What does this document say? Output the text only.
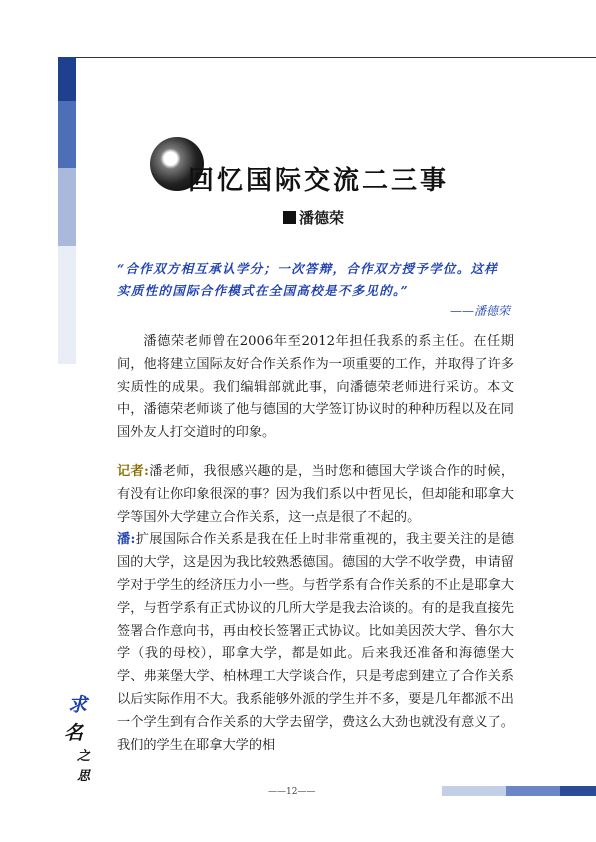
回忆国际交流二三事
潘德荣
“合作双方相互承认学分；一次答辩，合作双方授予学位。这样
实质性的国际合作模式在全国高校是不多见的。”
——潘德荣
潘德荣老师曾在2006年至2012年担任我系的系主任。在任期间，他将建立国际友好合作关系作为一项重要的工作，并取得了许多实质性的成果。我们编辑部就此事，向潘德荣老师进行采访。本文中，潘德荣老师谈了他与德国的大学签订协议时的种种历程以及在同国外友人打交道时的印象。
记者:潘老师，我很感兴趣的是，当时您和德国大学谈合作的时候，有没有让你印象很深的事？因为我们系以中哲见长，但却能和耶拿大学等国外大学建立合作关系，这一点是很了不起的。
潘:扩展国际合作关系是我在任上时非常重视的，我主要关注的是德国的大学，这是因为我比较熟悉德国。德国的大学不收学费，申请留学对于学生的经济压力小一些。与哲学系有合作关系的不止是耶拿大学，与哲学系有正式协议的几所大学是我去洽谈的。有的是我直接先签署合作意向书，再由校长签署正式协议。比如美因茨大学、鲁尔大学（我的母校），耶拿大学，都是如此。后来我还准备和海德堡大学、弗莱堡大学、柏林理工大学谈合作，只是考虑到建立了合作关系以后实际作用不大。我系能够外派的学生并不多，要是几年都派不出一个学生到有合作关系的大学去留学，费这么大劲也就没有意义了。我们的学生在耶拿大学的相
求
名
之
思
——12——
